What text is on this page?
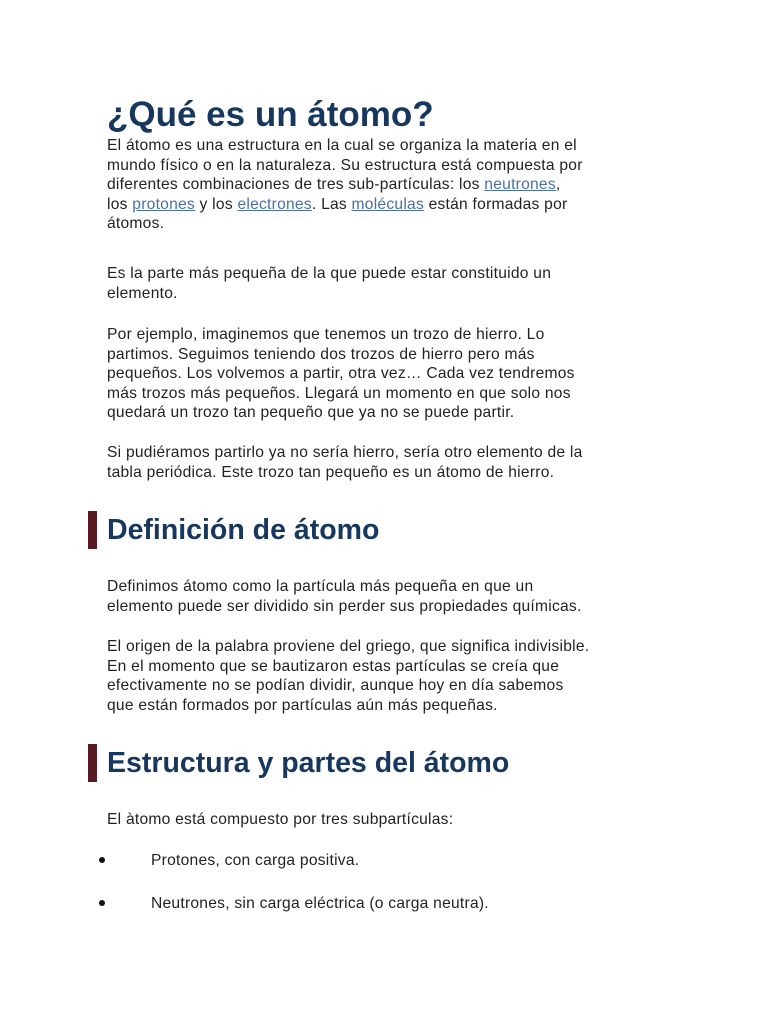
¿Qué es un átomo?

El átomo es una estructura en la cual se organiza la materia en el
mundo físico o en la naturaleza. Su estructura está compuesta por
diferentes combinaciones de tres sub-partículas: los neutrones,
los protones y los electrones. Las moléculas están formadas por
átomos.

Es la parte más pequeña de la que puede estar constituido un
elemento.

Por ejemplo, imaginemos que tenemos un trozo de hierro. Lo
partimos. Seguimos teniendo dos trozos de hierro pero más
pequeños. Los volvemos a partir, otra vez… Cada vez tendremos
más trozos más pequeños. Llegará un momento en que solo nos
quedará un trozo tan pequeño que ya no se puede partir.

Si pudiéramos partirlo ya no sería hierro, sería otro elemento de la
tabla periódica. Este trozo tan pequeño es un átomo de hierro.

Definición de átomo

Definimos átomo como la partícula más pequeña en que un
elemento puede ser dividido sin perder sus propiedades químicas.

El origen de la palabra proviene del griego, que significa indivisible.
En el momento que se bautizaron estas partículas se creía que
efectivamente no se podían dividir, aunque hoy en día sabemos
que están formados por partículas aún más pequeñas.

Estructura y partes del átomo

El àtomo está compuesto por tres subpartículas:

Protones, con carga positiva.
Neutrones, sin carga eléctrica (o carga neutra).
